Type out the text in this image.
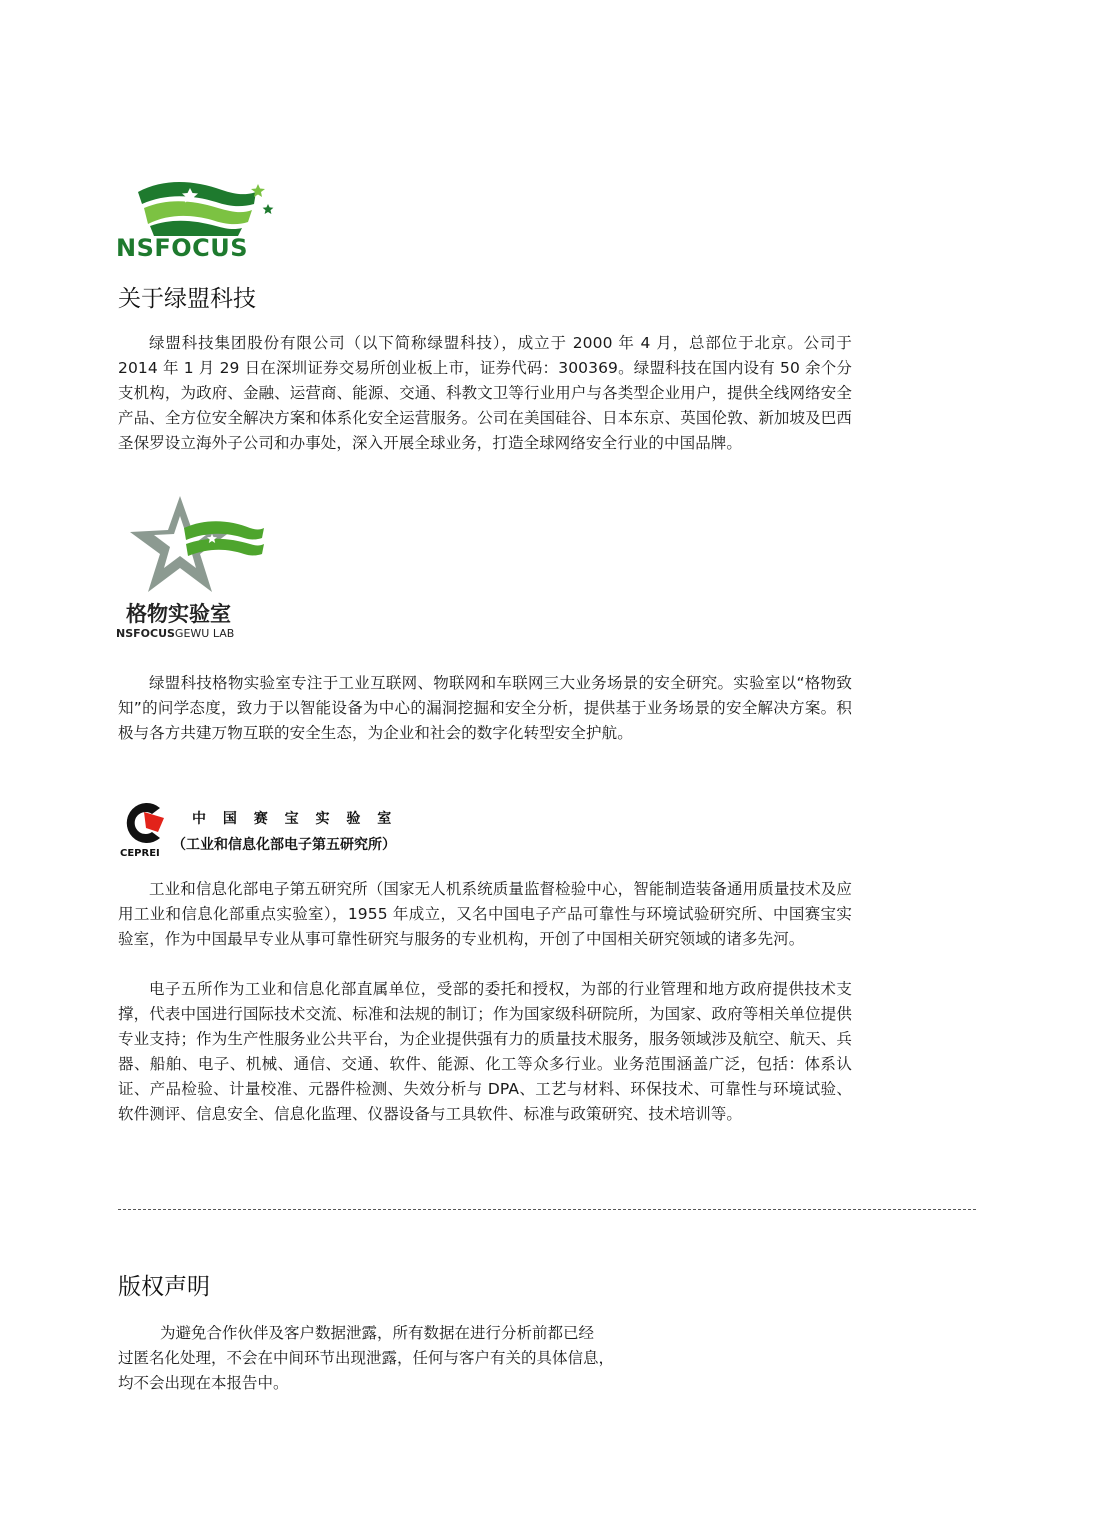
NSFOCUS
关于绿盟科技

绿盟科技集团股份有限公司（以下简称绿盟科技），成立于 2000 年 4 月，总部位于北京。公司于 2014 年 1 月 29 日在深圳证券交易所创业板上市，证券代码：300369。绿盟科技在国内设有 50 余个分支机构，为政府、金融、运营商、能源、交通、科教文卫等行业用户与各类型企业用户，提供全线网络安全产品、全方位安全解决方案和体系化安全运营服务。公司在美国硅谷、日本东京、英国伦敦、新加坡及巴西圣保罗设立海外子公司和办事处，深入开展全球业务，打造全球网络安全行业的中国品牌。

格物实验室
NSFOCUSGEWU LAB

绿盟科技格物实验室专注于工业互联网、物联网和车联网三大业务场景的安全研究。实验室以“格物致知”的问学态度，致力于以智能设备为中心的漏洞挖掘和安全分析，提供基于业务场景的安全解决方案。积极与各方共建万物互联的安全生态，为企业和社会的数字化转型安全护航。

CEPREI
中 国 赛 宝 实 验 室
（工业和信息化部电子第五研究所）

工业和信息化部电子第五研究所（国家无人机系统质量监督检验中心，智能制造装备通用质量技术及应用工业和信息化部重点实验室），1955 年成立，又名中国电子产品可靠性与环境试验研究所、中国赛宝实验室，作为中国最早专业从事可靠性研究与服务的专业机构，开创了中国相关研究领域的诸多先河。

电子五所作为工业和信息化部直属单位，受部的委托和授权，为部的行业管理和地方政府提供技术支撑，代表中国进行国际技术交流、标准和法规的制订；作为国家级科研院所，为国家、政府等相关单位提供专业支持；作为生产性服务业公共平台，为企业提供强有力的质量技术服务，服务领域涉及航空、航天、兵器、船舶、电子、机械、通信、交通、软件、能源、化工等众多行业。业务范围涵盖广泛，包括：体系认证、产品检验、计量校准、元器件检测、失效分析与 DPA、工艺与材料、环保技术、可靠性与环境试验、软件测评、信息安全、信息化监理、仪器设备与工具软件、标准与政策研究、技术培训等。

版权声明
为避免合作伙伴及客户数据泄露，所有数据在进行分析前都已经
过匿名化处理，不会在中间环节出现泄露，任何与客户有关的具体信息，
均不会出现在本报告中。
